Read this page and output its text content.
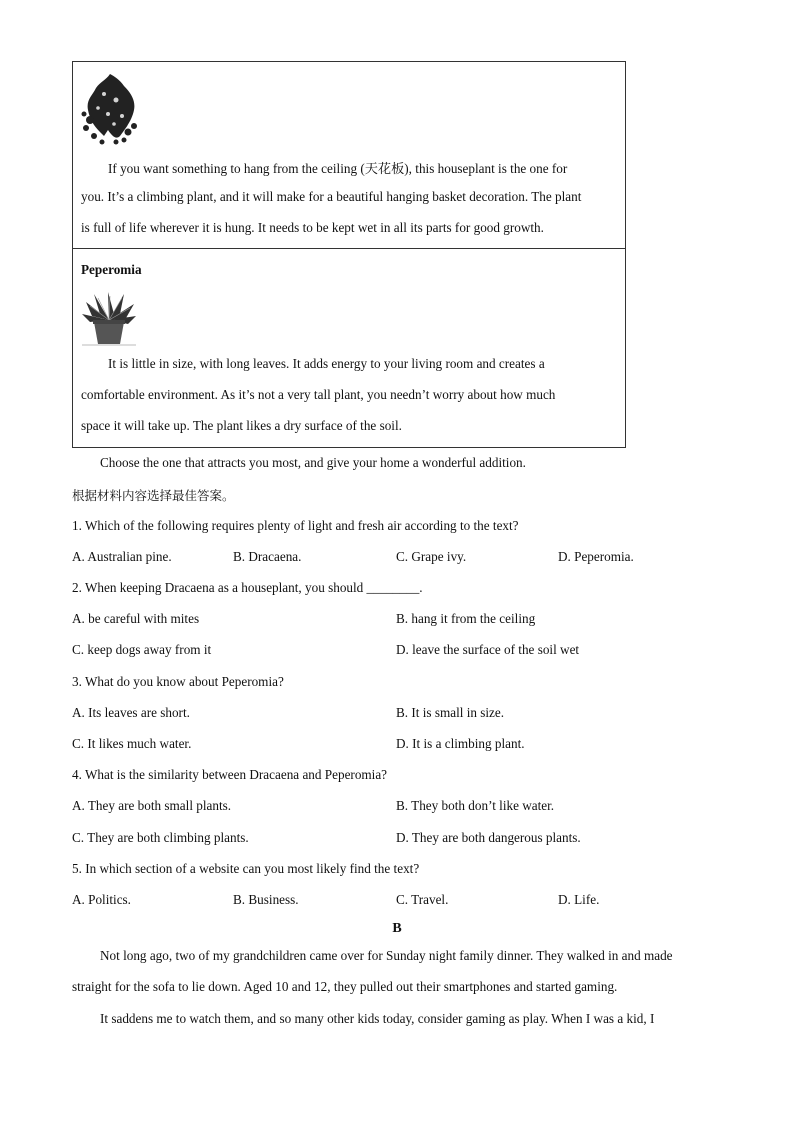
If you want something to hang from the ceiling (天花板), this houseplant is the one for
you. It’s a climbing plant, and it will make for a beautiful hanging basket decoration. The plant
is full of life wherever it is hung. It needs to be kept wet in all its parts for good growth.
Peperomia
It is little in size, with long leaves. It adds energy to your living room and creates a
comfortable environment. As it’s not a very tall plant, you needn’t worry about how much
space it will take up. The plant likes a dry surface of the soil.
Choose the one that attracts you most, and give your home a wonderful addition.
根据材料内容选择最佳答案。
1. Which of the following requires plenty of light and fresh air according to the text?
A. Australian pine.	B. Dracaena.	C. Grape ivy.	D. Peperomia.
2. When keeping Dracaena as a houseplant, you should ________.
A. be careful with mites	B. hang it from the ceiling
C. keep dogs away from it	D. leave the surface of the soil wet
3. What do you know about Peperomia?
A. Its leaves are short.	B. It is small in size.
C. It likes much water.	D. It is a climbing plant.
4. What is the similarity between Dracaena and Peperomia?
A. They are both small plants.	B. They both don’t like water.
C. They are both climbing plants.	D. They are both dangerous plants.
5. In which section of a website can you most likely find the text?
A. Politics.	B. Business.	C. Travel.	D. Life.
B
Not long ago, two of my grandchildren came over for Sunday night family dinner. They walked in and made
straight for the sofa to lie down. Aged 10 and 12, they pulled out their smartphones and started gaming.
It saddens me to watch them, and so many other kids today, consider gaming as play. When I was a kid, I
